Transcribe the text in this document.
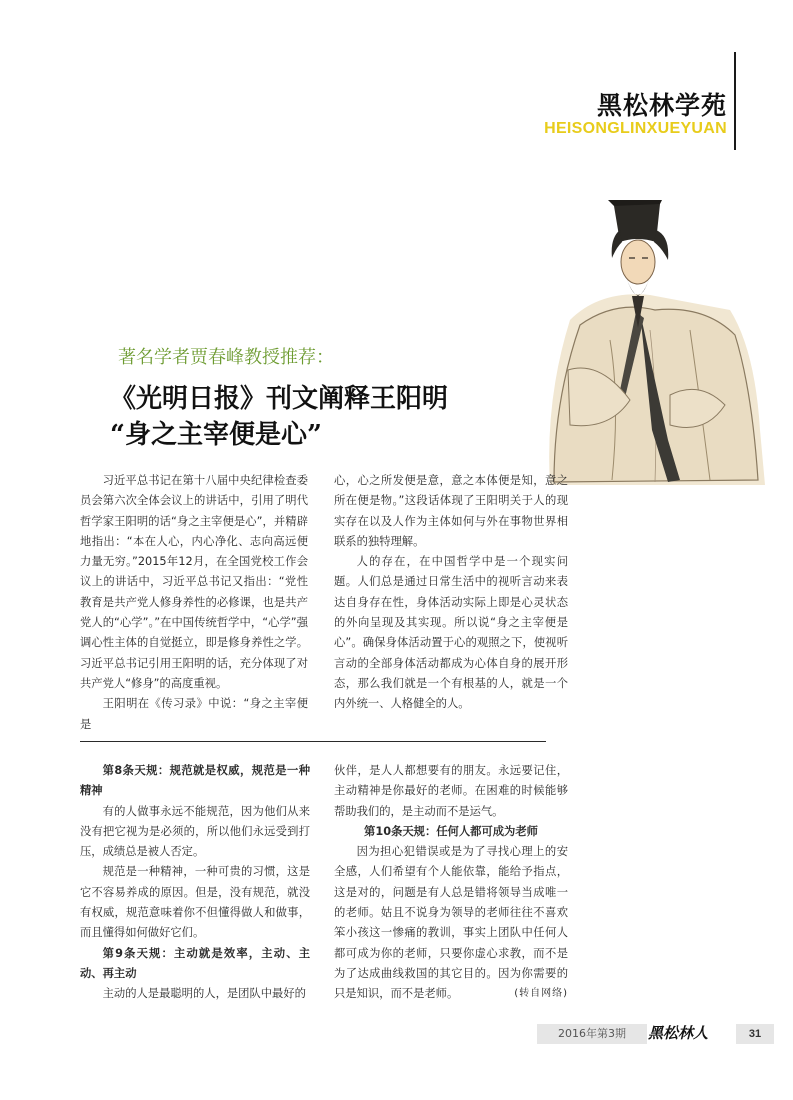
黑松林学苑
HEISONGLINXUEYUAN
著名学者贾春峰教授推荐：
《光明日报》刊文阐释王阳明
“身之主宰便是心”

习近平总书记在第十八届中央纪律检查委员会第六次全体会议上的讲话中，引用了明代哲学家王阳明的话“身之主宰便是心”，并精辟地指出：“本在人心，内心净化、志向高远便力量无穷。”2015年12月，在全国党校工作会议上的讲话中，习近平总书记又指出：“党性教育是共产党人修身养性的必修课，也是共产党人的“心学”。”在中国传统哲学中，“心学”强调心性主体的自觉挺立，即是修身养性之学。习近平总书记引用王阳明的话，充分体现了对共产党人“修身”的高度重视。

王阳明在《传习录》中说：“身之主宰便是

心，心之所发便是意，意之本体便是知，意之所在便是物。”这段话体现了王阳明关于人的现实存在以及人作为主体如何与外在事物世界相联系的独特理解。

人的存在，在中国哲学中是一个现实问题。人们总是通过日常生活中的视听言动来表达自身存在性，身体活动实际上即是心灵状态的外向呈现及其实现。所以说“身之主宰便是心”。确保身体活动置于心的观照之下，使视听言动的全部身体活动都成为心体自身的展开形态，那么我们就是一个有根基的人，就是一个内外统一、人格健全的人。

第8条天规：规范就是权威，规范是一种精神

有的人做事永远不能规范，因为他们从来没有把它视为是必须的，所以他们永远受到打压，成绩总是被人否定。

规范是一种精神，一种可贵的习惯，这是它不容易养成的原因。但是，没有规范，就没有权威，规范意味着你不但懂得做人和做事，而且懂得如何做好它们。

第9条天规：主动就是效率，主动、主动、再主动

主动的人是最聪明的人，是团队中最好的

伙伴，是人人都想要有的朋友。永远要记住，主动精神是你最好的老师。在困难的时候能够帮助我们的，是主动而不是运气。

第10条天规：任何人都可成为老师

因为担心犯错误或是为了寻找心理上的安全感，人们希望有个人能依靠，能给予指点，这是对的，问题是有人总是错将领导当成唯一的老师。姑且不说身为领导的老师往往不喜欢笨小孩这一惨痛的教训，事实上团队中任何人都可成为你的老师，只要你虚心求教，而不是为了达成曲线救国的其它目的。因为你需要的只是知识，而不是老师。	(转自网络)

2016年第3期	黑松林人	31
